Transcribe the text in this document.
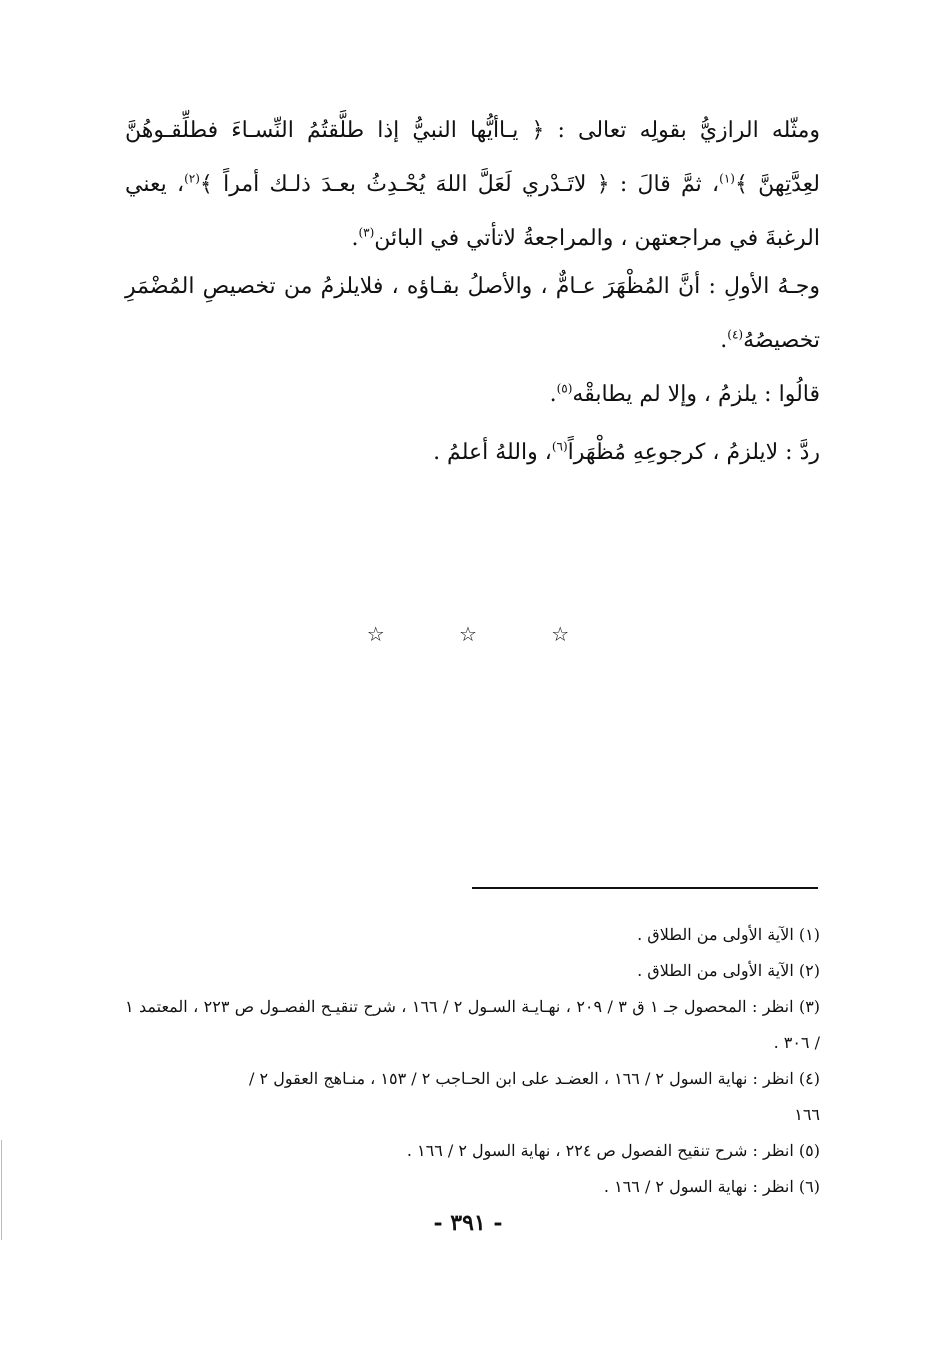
ومثّله الرازيُّ بقولِه تعالى : ﴿ يـاأيُّها النبيُّ إذا طلَّقتُمُ النِّسـاءَ فطلِّقـوهُنَّ لعِدَّتِهنَّ ﴾$^{(١)}$، ثمَّ قالَ : ﴿ لاتَـدْري لَعَلَّ اللهَ يُحْـدِثُ بعـدَ ذلـك أمراً ﴾$^{(٢)}$، يعني الرغبةَ في مراجعتهن ، والمراجعةُ لاتأتي في البائن$^{(٣)}$.

وجـهُ الأولِ : أنَّ المُظْهَرَ عـامٌّ ، والأصلُ بقـاؤه ، فلايلزمُ من تخصيصِ المُضْمَرِ تخصيصُهُ$^{(٤)}$.

قالُوا : يلزمُ ، وإلا لم يطابقْه$^{(٥)}$.

ردَّ : لايلزمُ ، كرجوعِهِ مُظْهَراً$^{(٦)}$، واللهُ أعلمُ .

☆ ☆ ☆

(١) الآية الأولى من الطلاق .

(٢) الآية الأولى من الطلاق .

(٣) انظر : المحصول جـ ١ ق ٣ / ٢٠٩ ، نهـايـة السـول ٢ / ١٦٦ ، شرح تنقيـح الفصـول ص ٢٢٣ ، المعتمد ١ / ٣٠٦ .

(٤) انظر : نهاية السول ٢ / ١٦٦ ، العضـد على ابن الحـاجب ٢ / ١٥٣ ، منـاهج العقول ٢ /

١٦٦

(٥) انظر : شرح تنقيح الفصول ص ٢٢٤ ، نهاية السول ٢ / ١٦٦ .

(٦) انظر : نهاية السول ٢ / ١٦٦ .

- ٣٩١ -
